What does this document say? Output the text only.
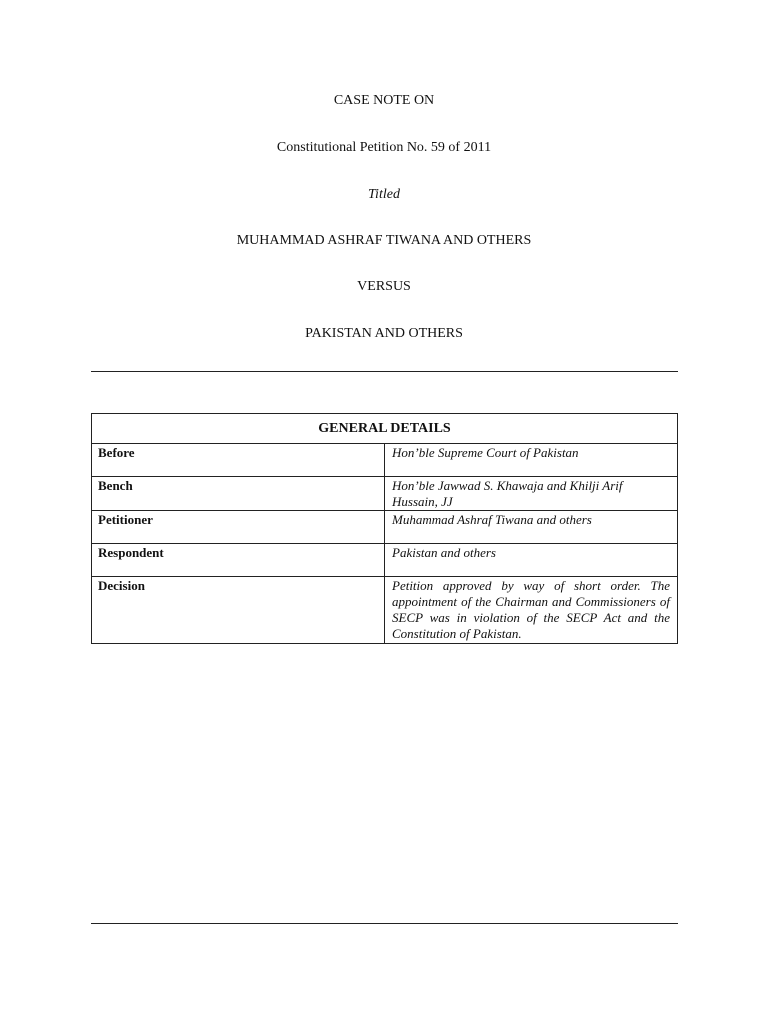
CASE NOTE ON
Constitutional Petition No. 59 of 2011
Titled
MUHAMMAD ASHRAF TIWANA AND OTHERS
VERSUS
PAKISTAN AND OTHERS
GENERAL DETAILS	
Before	Hon’ble Supreme Court of Pakistan
Bench	Hon’ble Jawwad S. Khawaja and Khilji Arif Hussain, JJ
Petitioner	Muhammad Ashraf Tiwana and others
Respondent	Pakistan and others
Decision	Petition approved by way of short order. The appointment of the Chairman and Commissioners of SECP was in violation of the SECP Act and the Constitution of Pakistan.
